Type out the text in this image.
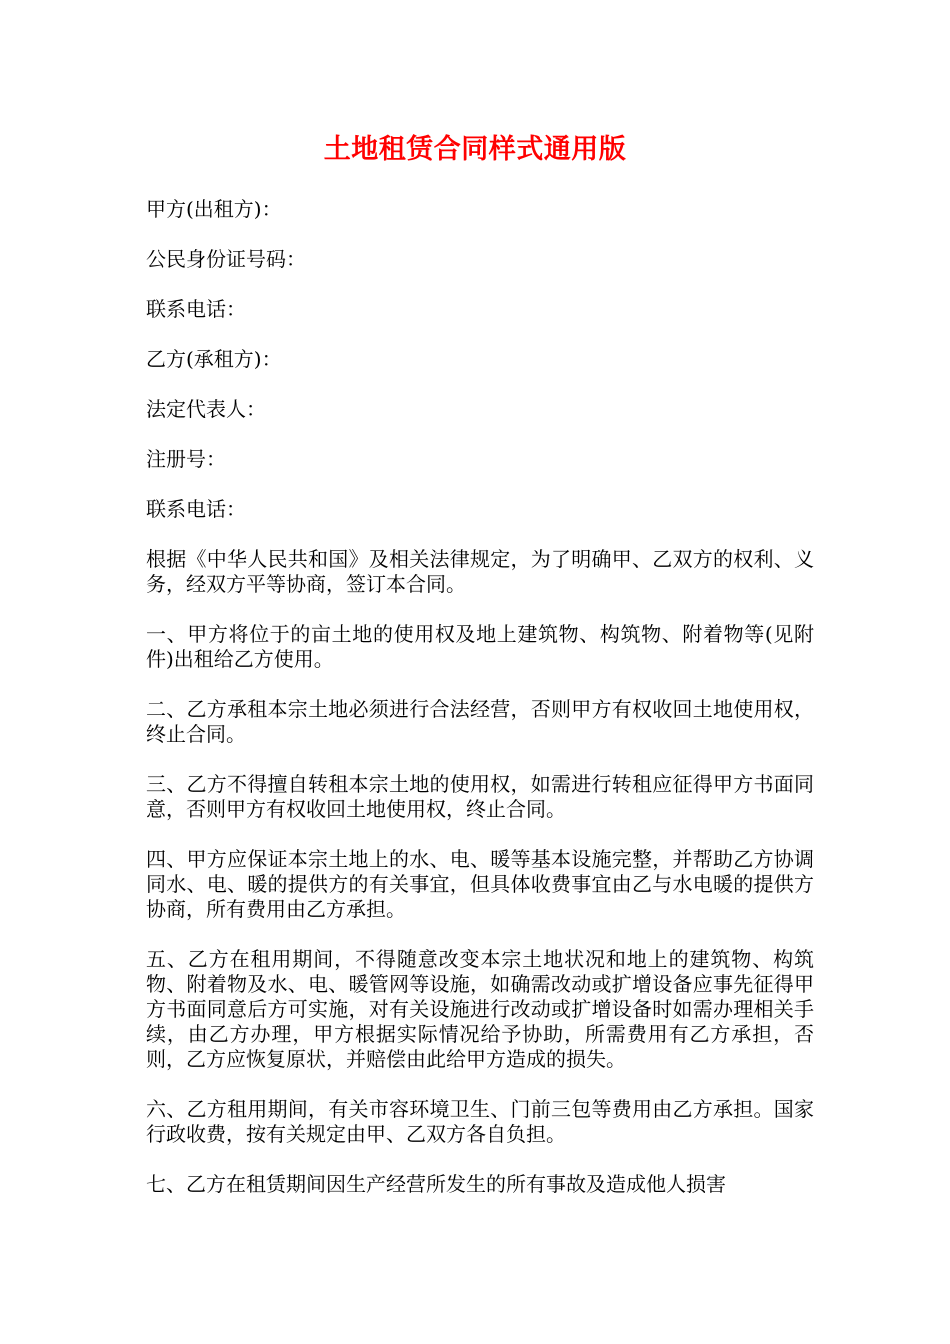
土地租赁合同样式通用版
甲方(出租方)：
公民身份证号码：
联系电话：
乙方(承租方)：
法定代表人：
注册号：
联系电话：
根据《中华人民共和国》及相关法律规定，为了明确甲、乙双方的权利、义务，经双方平等协商，签订本合同。
一、甲方将位于的亩土地的使用权及地上建筑物、构筑物、附着物等(见附件)出租给乙方使用。
二、乙方承租本宗土地必须进行合法经营，否则甲方有权收回土地使用权，终止合同。
三、乙方不得擅自转租本宗土地的使用权，如需进行转租应征得甲方书面同意，否则甲方有权收回土地使用权，终止合同。
四、甲方应保证本宗土地上的水、电、暖等基本设施完整，并帮助乙方协调同水、电、暖的提供方的有关事宜，但具体收费事宜由乙与水电暖的提供方协商，所有费用由乙方承担。
五、乙方在租用期间，不得随意改变本宗土地状况和地上的建筑物、构筑物、附着物及水、电、暖管网等设施，如确需改动或扩增设备应事先征得甲方书面同意后方可实施，对有关设施进行改动或扩增设备时如需办理相关手续，由乙方办理，甲方根据实际情况给予协助，所需费用有乙方承担，否则，乙方应恢复原状，并赔偿由此给甲方造成的损失。
六、乙方租用期间，有关市容环境卫生、门前三包等费用由乙方承担。国家行政收费，按有关规定由甲、乙双方各自负担。
七、乙方在租赁期间因生产经营所发生的所有事故及造成他人损害
